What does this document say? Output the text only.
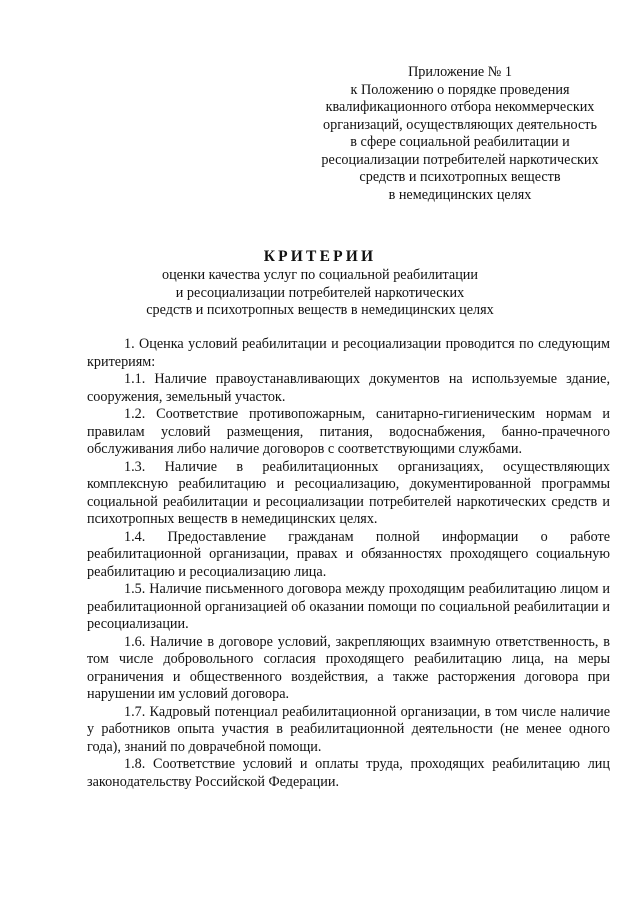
Приложение № 1
к Положению о порядке проведения
квалификационного отбора некоммерческих
организаций, осуществляющих деятельность
в сфере социальной реабилитации и
ресоциализации потребителей наркотических
средств и психотропных веществ
в немедицинских целях
КРИТЕРИИ
оценки качества услуг по социальной реабилитации
и ресоциализации потребителей наркотических
средств и психотропных веществ в немедицинских целях

1. Оценка условий реабилитации и ресоциализации проводится по следующим критериям:

1.1. Наличие правоустанавливающих документов на используемые здание, сооружения, земельный участок.

1.2. Соответствие противопожарным, санитарно-гигиеническим нормам и правилам условий размещения, питания, водоснабжения, банно-прачечного обслуживания либо наличие договоров с соответствующими службами.

1.3. Наличие в реабилитационных организациях, осуществляющих комплексную реабилитацию и ресоциализацию, документированной программы социальной реабилитации и ресоциализации потребителей наркотических средств и психотропных веществ в немедицинских целях.

1.4. Предоставление гражданам полной информации о работе реабилитационной организации, правах и обязанностях проходящего социальную реабилитацию и ресоциализацию лица.

1.5. Наличие письменного договора между проходящим реабилитацию лицом и реабилитационной организацией об оказании помощи по социальной реабилитации и ресоциализации.

1.6. Наличие в договоре условий, закрепляющих взаимную ответственность, в том числе добровольного согласия проходящего реабилитацию лица, на меры ограничения и общественного воздействия, а также расторжения договора при нарушении им условий договора.

1.7. Кадровый потенциал реабилитационной организации, в том числе наличие у работников опыта участия в реабилитационной деятельности (не менее одного года), знаний по доврачебной помощи.

1.8. Соответствие условий и оплаты труда, проходящих реабилитацию лиц законодательству Российской Федерации.
